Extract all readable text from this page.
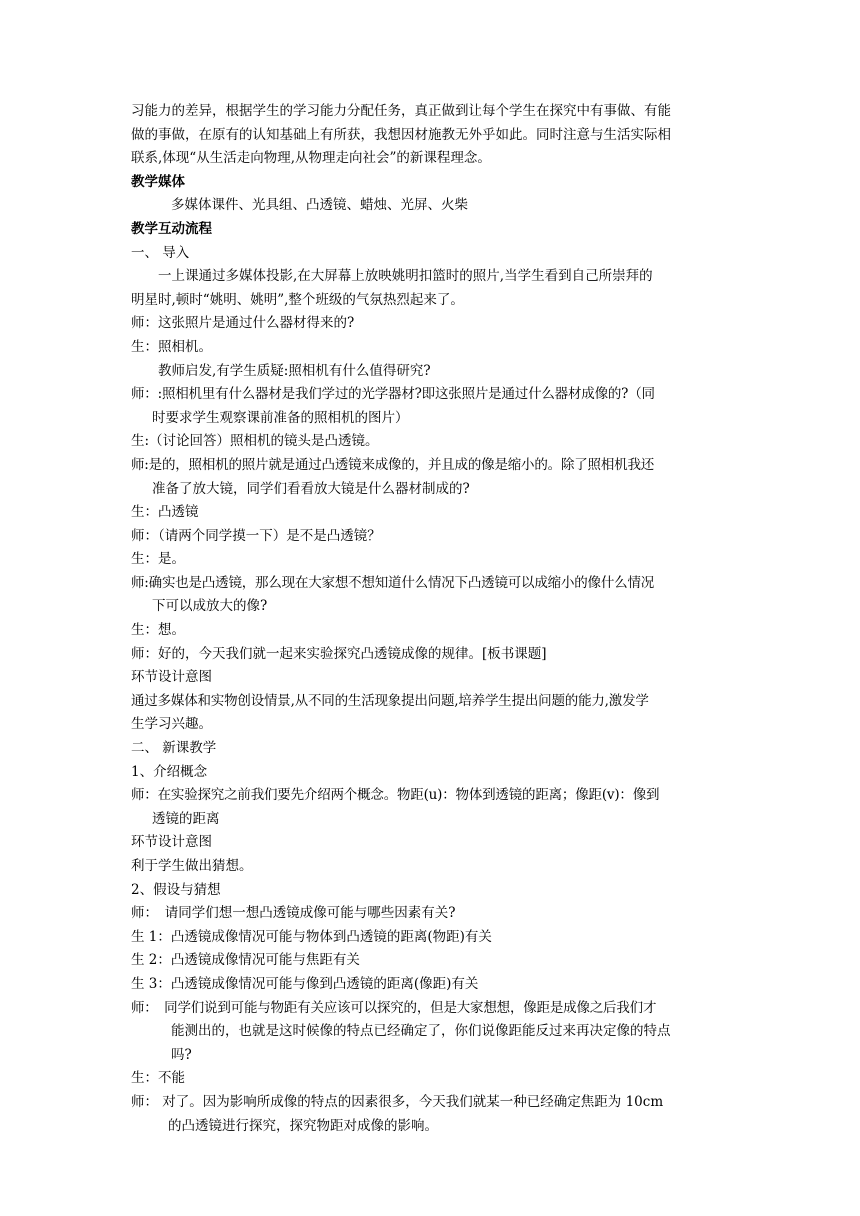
习能力的差异，根据学生的学习能力分配任务，真正做到让每个学生在探究中有事做、有能
做的事做，在原有的认知基础上有所获，我想因材施教无外乎如此。同时注意与生活实际相
联系,体现“从生活走向物理,从物理走向社会”的新课程理念。
教学媒体
多媒体课件、光具组、凸透镜、蜡烛、光屏、火柴
教学互动流程
一、 导入
一上课通过多媒体投影,在大屏幕上放映姚明扣篮时的照片,当学生看到自己所崇拜的
明星时,顿时“姚明、姚明”,整个班级的气氛热烈起来了。
师：这张照片是通过什么器材得来的?
生：照相机。
教师启发,有学生质疑:照相机有什么值得研究?
师：:照相机里有什么器材是我们学过的光学器材?即这张照片是通过什么器材成像的?（同
时要求学生观察课前准备的照相机的图片）
生:（讨论回答）照相机的镜头是凸透镜。
师:是的，照相机的照片就是通过凸透镜来成像的，并且成的像是缩小的。除了照相机我还
准备了放大镜，同学们看看放大镜是什么器材制成的?
生：凸透镜
师：（请两个同学摸一下）是不是凸透镜？
生：是。
师:确实也是凸透镜，那么现在大家想不想知道什么情况下凸透镜可以成缩小的像什么情况
下可以成放大的像?
生：想。
师：好的，今天我们就一起来实验探究凸透镜成像的规律。[板书课题]
环节设计意图
通过多媒体和实物创设情景,从不同的生活现象提出问题,培养学生提出问题的能力,激发学
生学习兴趣。
二、 新课教学
1、介绍概念
师：在实验探究之前我们要先介绍两个概念。物距(u)：物体到透镜的距离；像距(v)：像到
透镜的距离
环节设计意图
利于学生做出猜想。
2、假设与猜想
师：　请同学们想一想凸透镜成像可能与哪些因素有关?
生 1：凸透镜成像情况可能与物体到凸透镜的距离(物距)有关
生 2：凸透镜成像情况可能与焦距有关
生 3：凸透镜成像情况可能与像到凸透镜的距离(像距)有关
师：　同学们说到可能与物距有关应该可以探究的，但是大家想想，像距是成像之后我们才
能测出的，也就是这时候像的特点已经确定了，你们说像距能反过来再决定像的特点
吗?
生：不能
师： 对了。因为影响所成像的特点的因素很多，今天我们就某一种已经确定焦距为 10cm
的凸透镜进行探究，探究物距对成像的影响。
